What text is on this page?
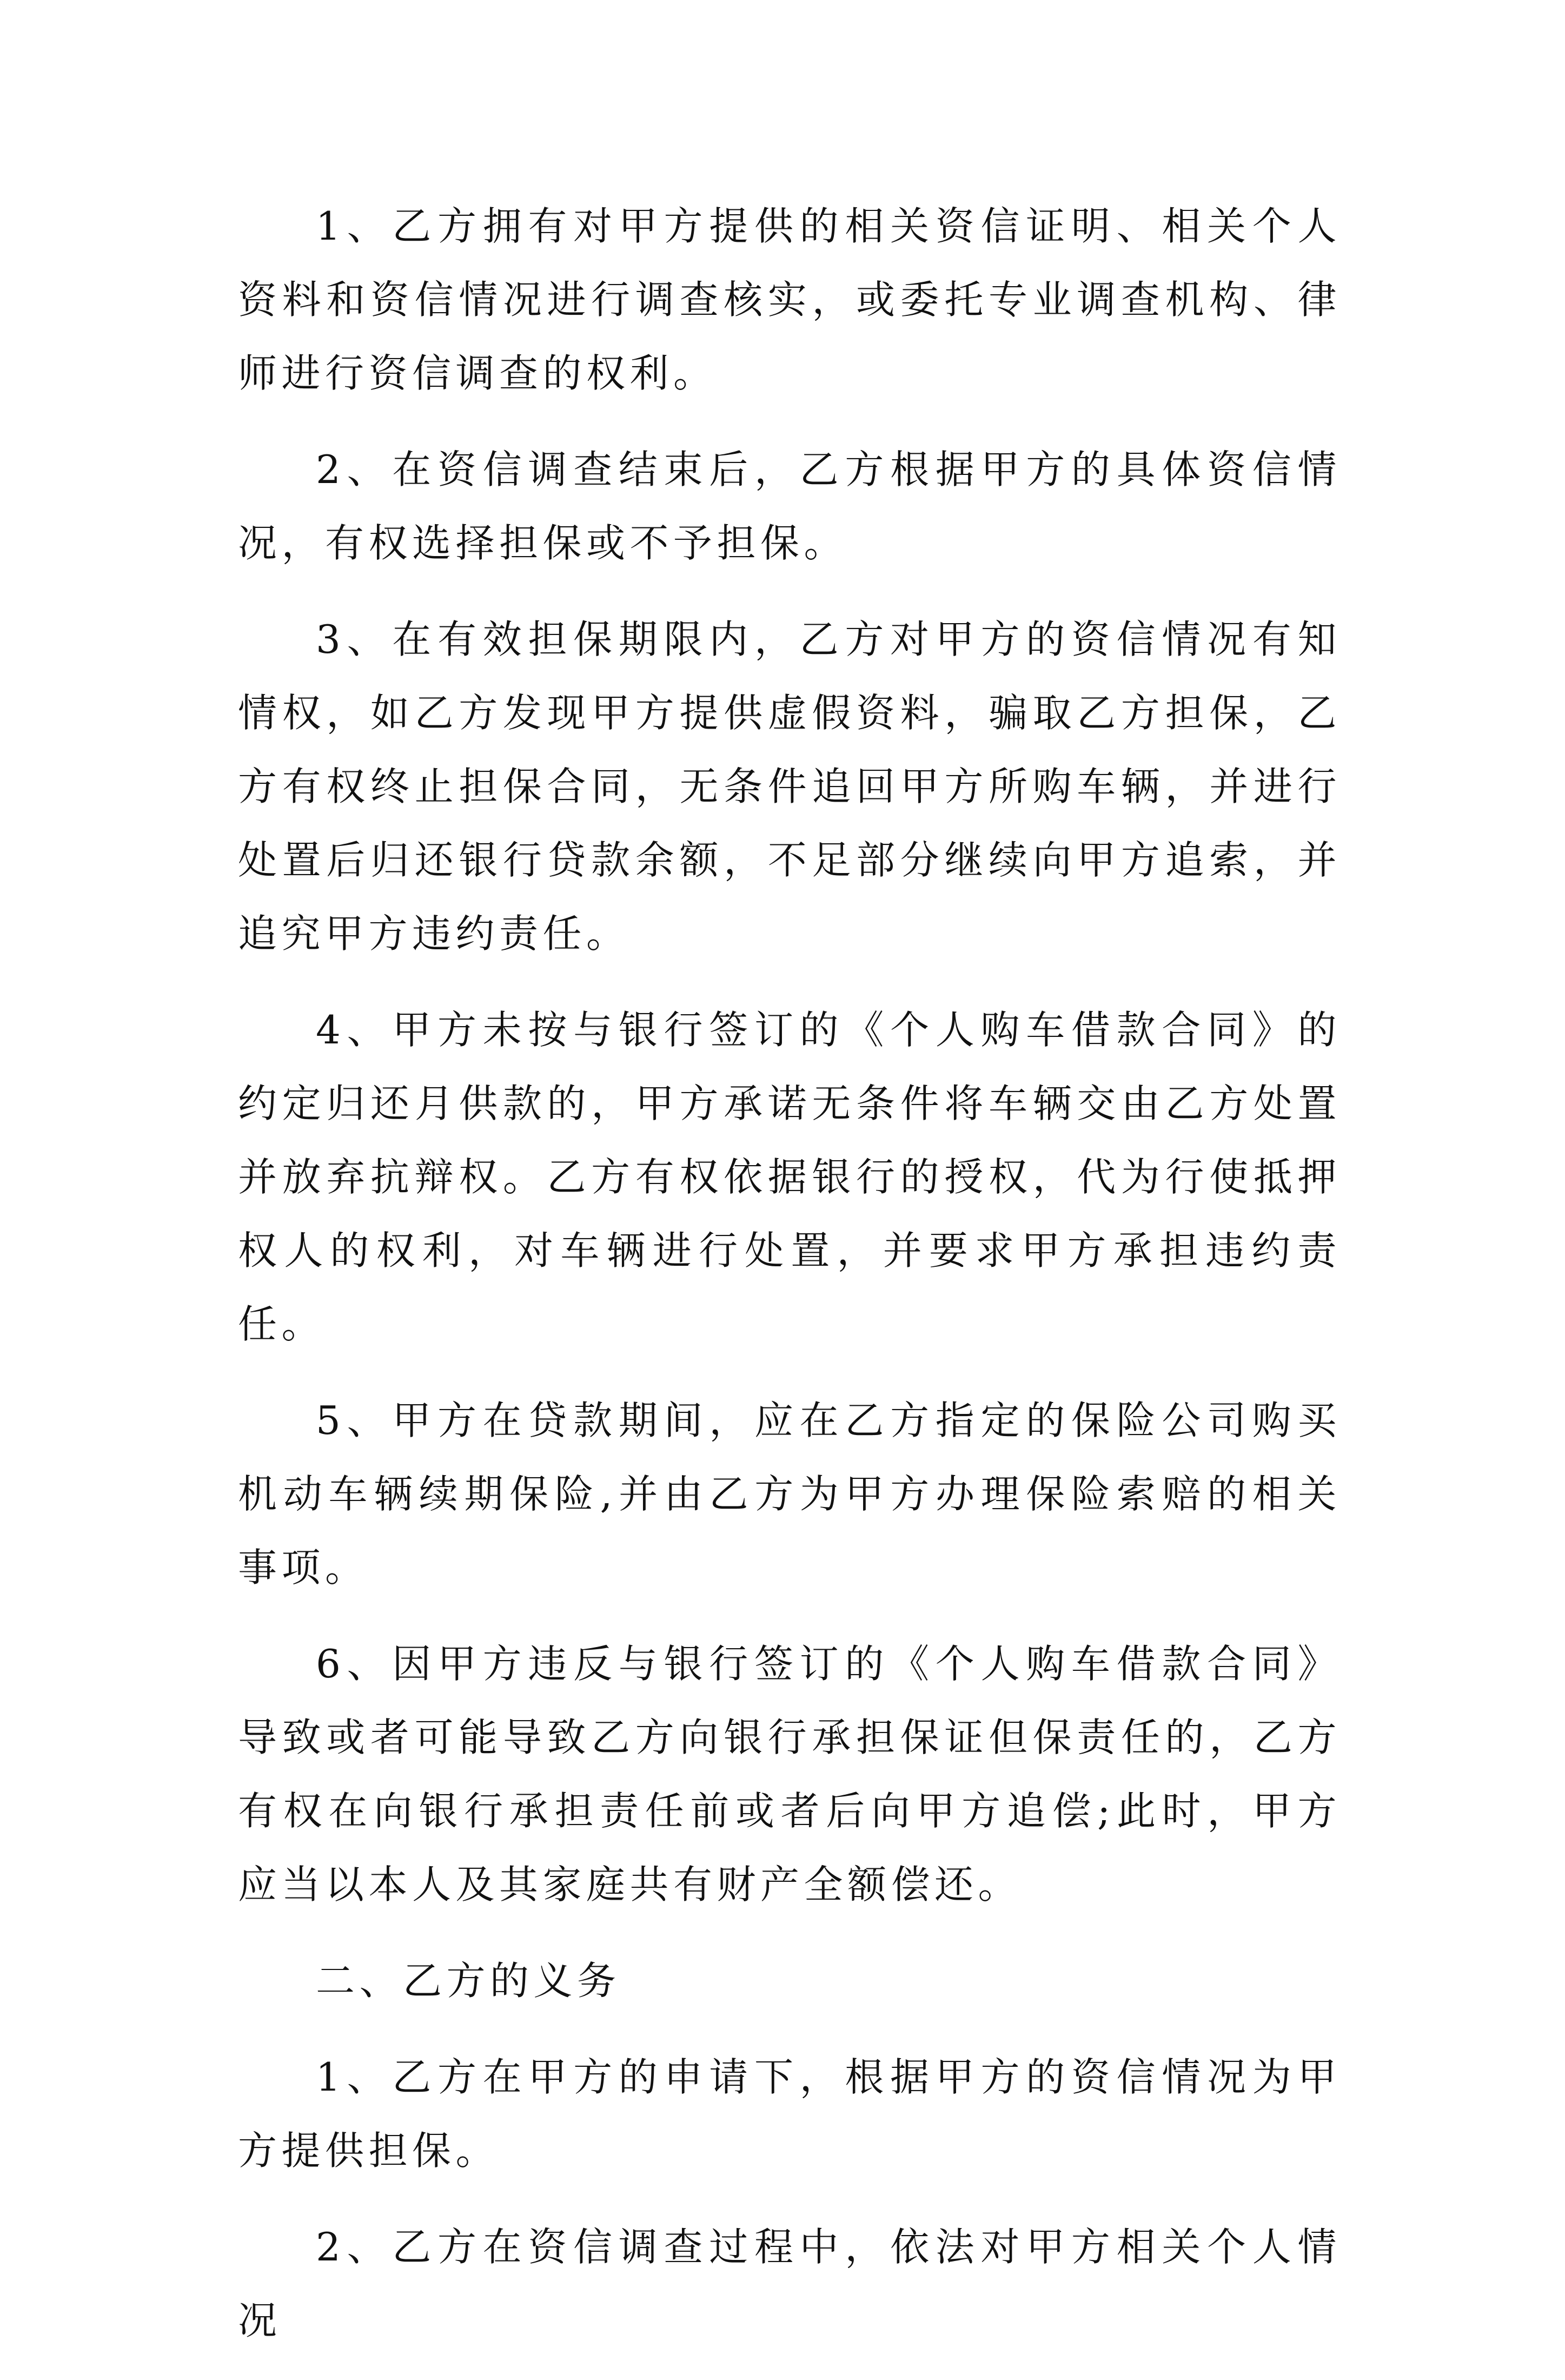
1、乙方拥有对甲方提供的相关资信证明、相关个人资料和资信情况进行调查核实，或委托专业调查机构、律师进行资信调查的权利。

2、在资信调查结束后，乙方根据甲方的具体资信情况，有权选择担保或不予担保。

3、在有效担保期限内，乙方对甲方的资信情况有知情权，如乙方发现甲方提供虚假资料，骗取乙方担保，乙方有权终止担保合同，无条件追回甲方所购车辆，并进行处置后归还银行贷款余额，不足部分继续向甲方追索，并追究甲方违约责任。

4、甲方未按与银行签订的《个人购车借款合同》的约定归还月供款的，甲方承诺无条件将车辆交由乙方处置并放弃抗辩权。乙方有权依据银行的授权，代为行使抵押权人的权利，对车辆进行处置，并要求甲方承担违约责任。

5、甲方在贷款期间，应在乙方指定的保险公司购买机动车辆续期保险,并由乙方为甲方办理保险索赔的相关事项。

6、因甲方违反与银行签订的《个人购车借款合同》导致或者可能导致乙方向银行承担保证但保责任的，乙方有权在向银行承担责任前或者后向甲方追偿;此时，甲方应当以本人及其家庭共有财产全额偿还。

二、乙方的义务

1、乙方在甲方的申请下，根据甲方的资信情况为甲方提供担保。

2、乙方在资信调查过程中，依法对甲方相关个人情况
